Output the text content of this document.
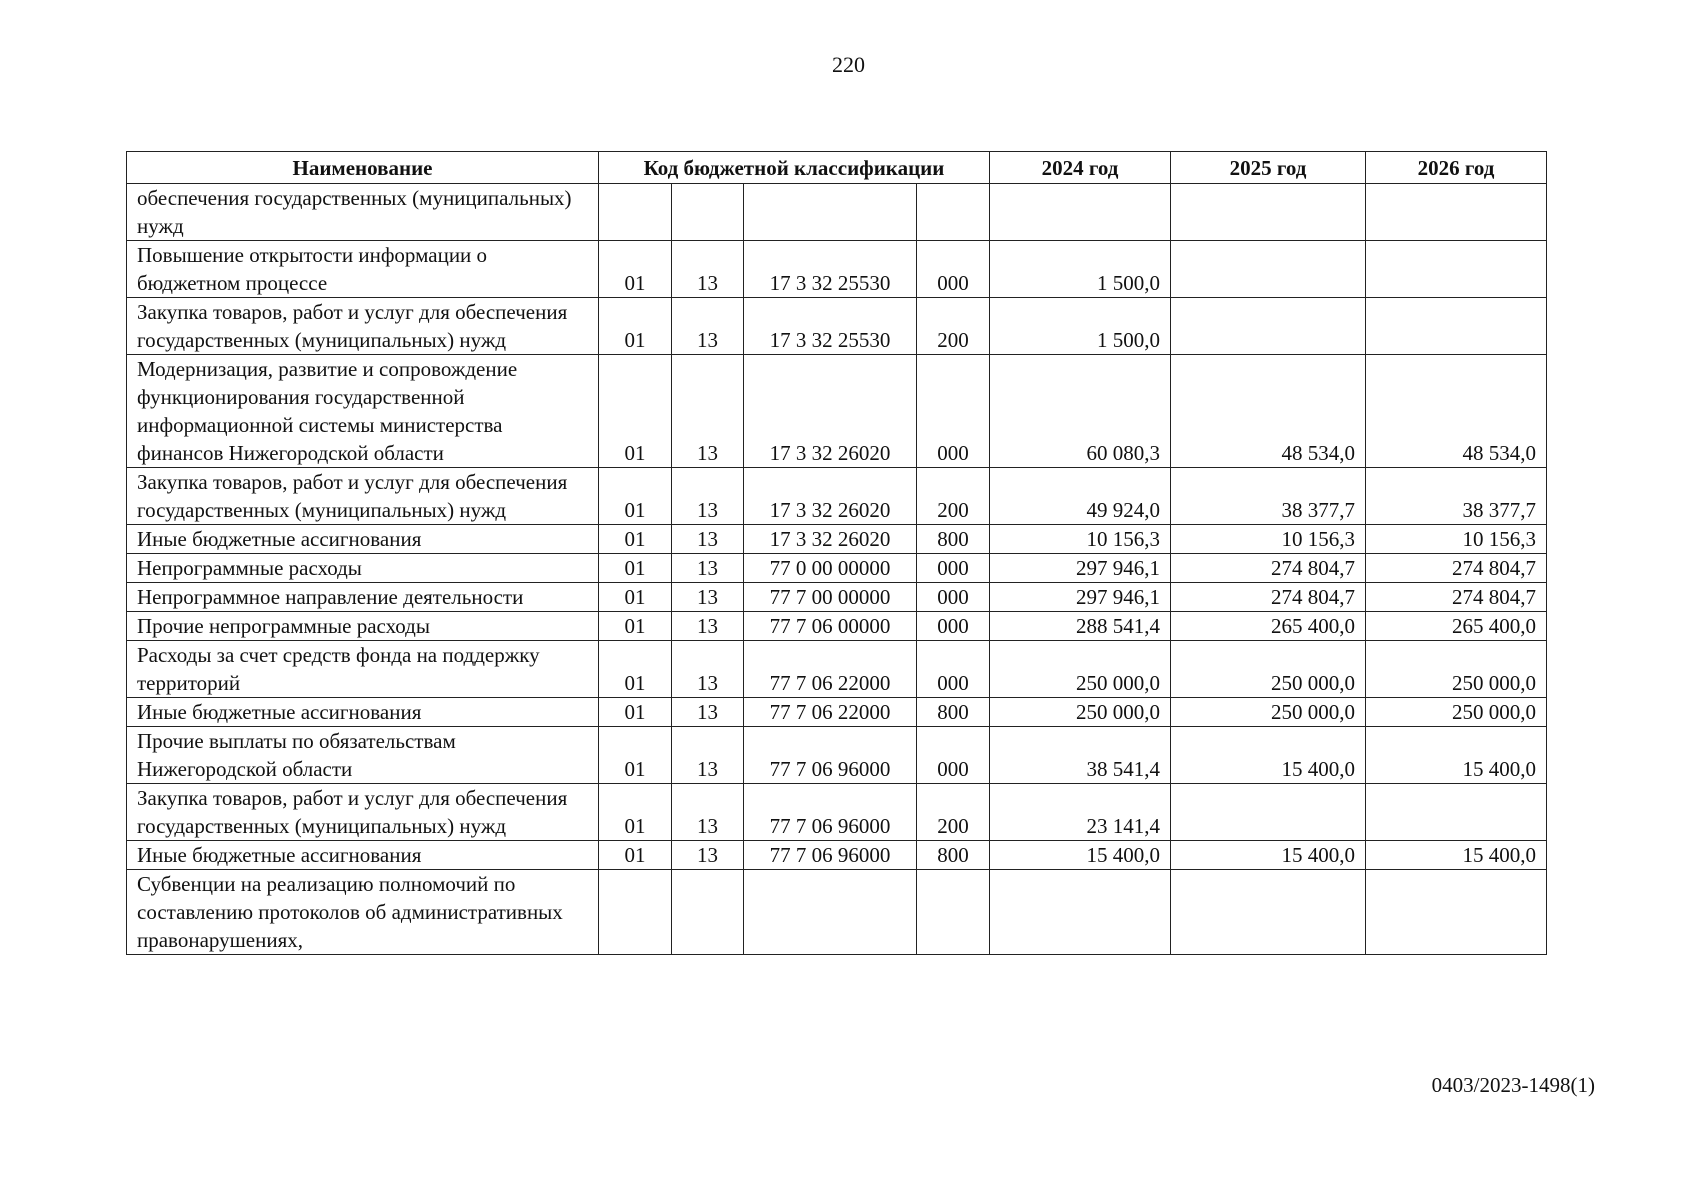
220
Наименование	Код бюджетной классификации				2024 год	2025 год	2026 год
обеспечения государственных (муниципальных) нужд							
Повышение открытости информации о бюджетном процессе	01	13	17 3 32 25530	000	1 500,0		
Закупка товаров, работ и услуг для обеспечения государственных (муниципальных) нужд	01	13	17 3 32 25530	200	1 500,0		
Модернизация, развитие и сопровождение функционирования государственной информационной системы министерства финансов Нижегородской области	01	13	17 3 32 26020	000	60 080,3	48 534,0	48 534,0
Закупка товаров, работ и услуг для обеспечения государственных (муниципальных) нужд	01	13	17 3 32 26020	200	49 924,0	38 377,7	38 377,7
Иные бюджетные ассигнования	01	13	17 3 32 26020	800	10 156,3	10 156,3	10 156,3
Непрограммные расходы	01	13	77 0 00 00000	000	297 946,1	274 804,7	274 804,7
Непрограммное направление деятельности	01	13	77 7 00 00000	000	297 946,1	274 804,7	274 804,7
Прочие непрограммные расходы	01	13	77 7 06 00000	000	288 541,4	265 400,0	265 400,0
Расходы за счет средств фонда на поддержку территорий	01	13	77 7 06 22000	000	250 000,0	250 000,0	250 000,0
Иные бюджетные ассигнования	01	13	77 7 06 22000	800	250 000,0	250 000,0	250 000,0
Прочие выплаты по обязательствам Нижегородской области	01	13	77 7 06 96000	000	38 541,4	15 400,0	15 400,0
Закупка товаров, работ и услуг для обеспечения государственных (муниципальных) нужд	01	13	77 7 06 96000	200	23 141,4		
Иные бюджетные ассигнования	01	13	77 7 06 96000	800	15 400,0	15 400,0	15 400,0
Субвенции на реализацию полномочий по составлению протоколов об административных правонарушениях,							
0403/2023-1498(1)
